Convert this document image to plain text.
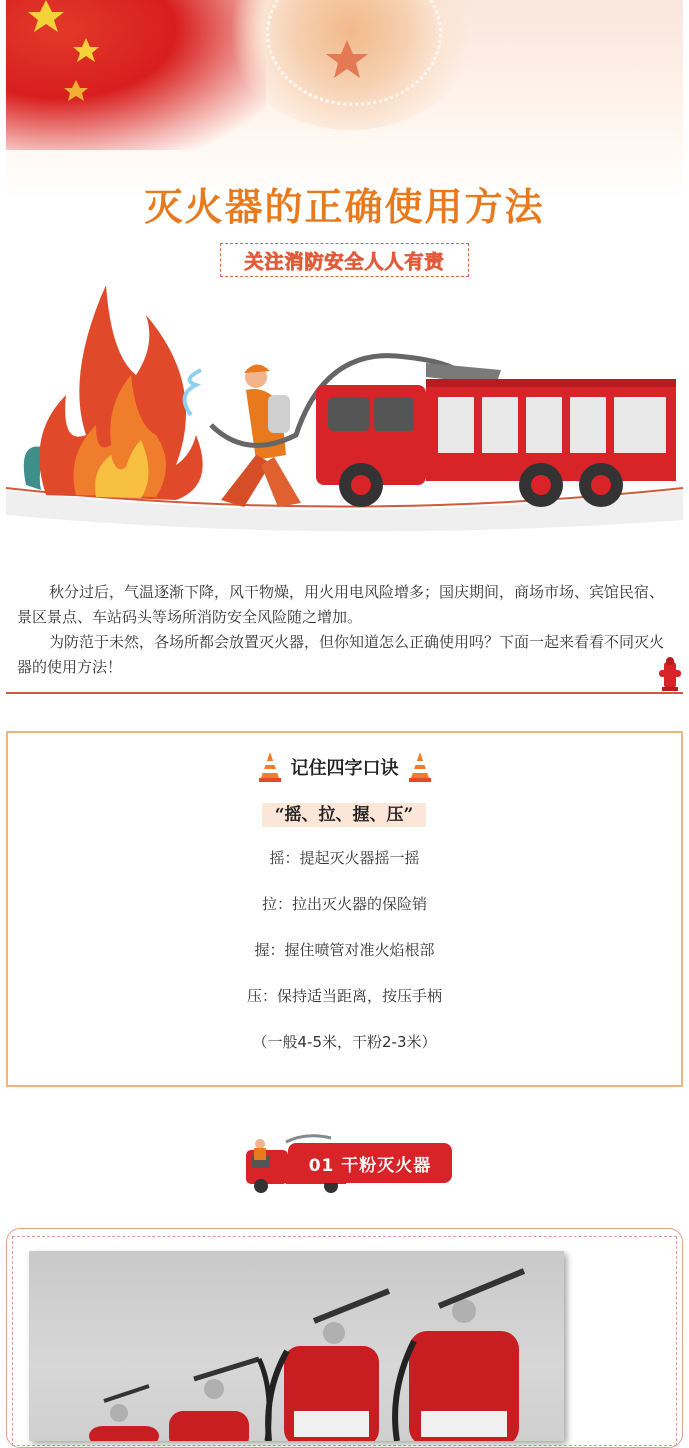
灭火器的正确使用方法
关注消防安全人人有责

秋分过后，气温逐渐下降，风干物燥，用火用电风险增多；国庆期间，商场市场、宾馆民宿、景区景点、车站码头等场所消防安全风险随之增加。

为防范于未然，各场所都会放置灭火器，但你知道怎么正确使用吗？下面一起来看看不同灭火器的使用方法！

记住四字口诀
“摇、拉、握、压”
摇：提起灭火器摇一摇
拉：拉出灭火器的保险销
握：握住喷管对准火焰根部
压：保持适当距离，按压手柄
（一般4-5米，干粉2-3米）
01 干粉灭火器
